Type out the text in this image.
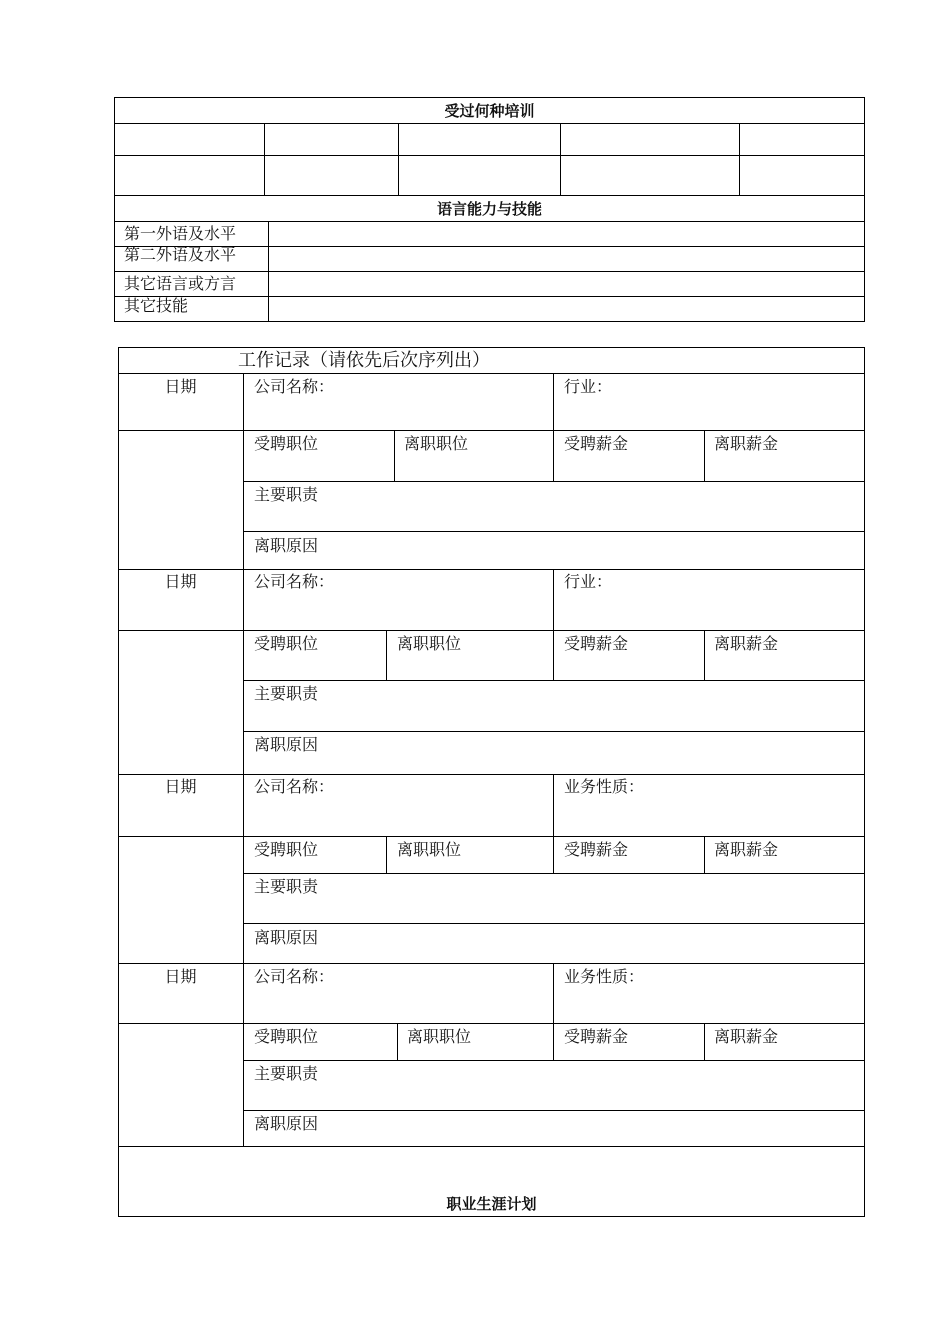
受过何种培训
语言能力与技能
第一外语及水平
第二外语及水平
其它语言或方言
其它技能
工作记录（请依先后次序列出）
日期	公司名称：	行业：
受聘职位	离职职位	受聘薪金	离职薪金
主要职责
离职原因
日期	公司名称：	行业：
受聘职位	离职职位	受聘薪金	离职薪金
主要职责
离职原因
日期	公司名称：	业务性质：
受聘职位	离职职位	受聘薪金	离职薪金
主要职责
离职原因
日期	公司名称：	业务性质：
受聘职位	离职职位	受聘薪金	离职薪金
主要职责
离职原因
职业生涯计划
